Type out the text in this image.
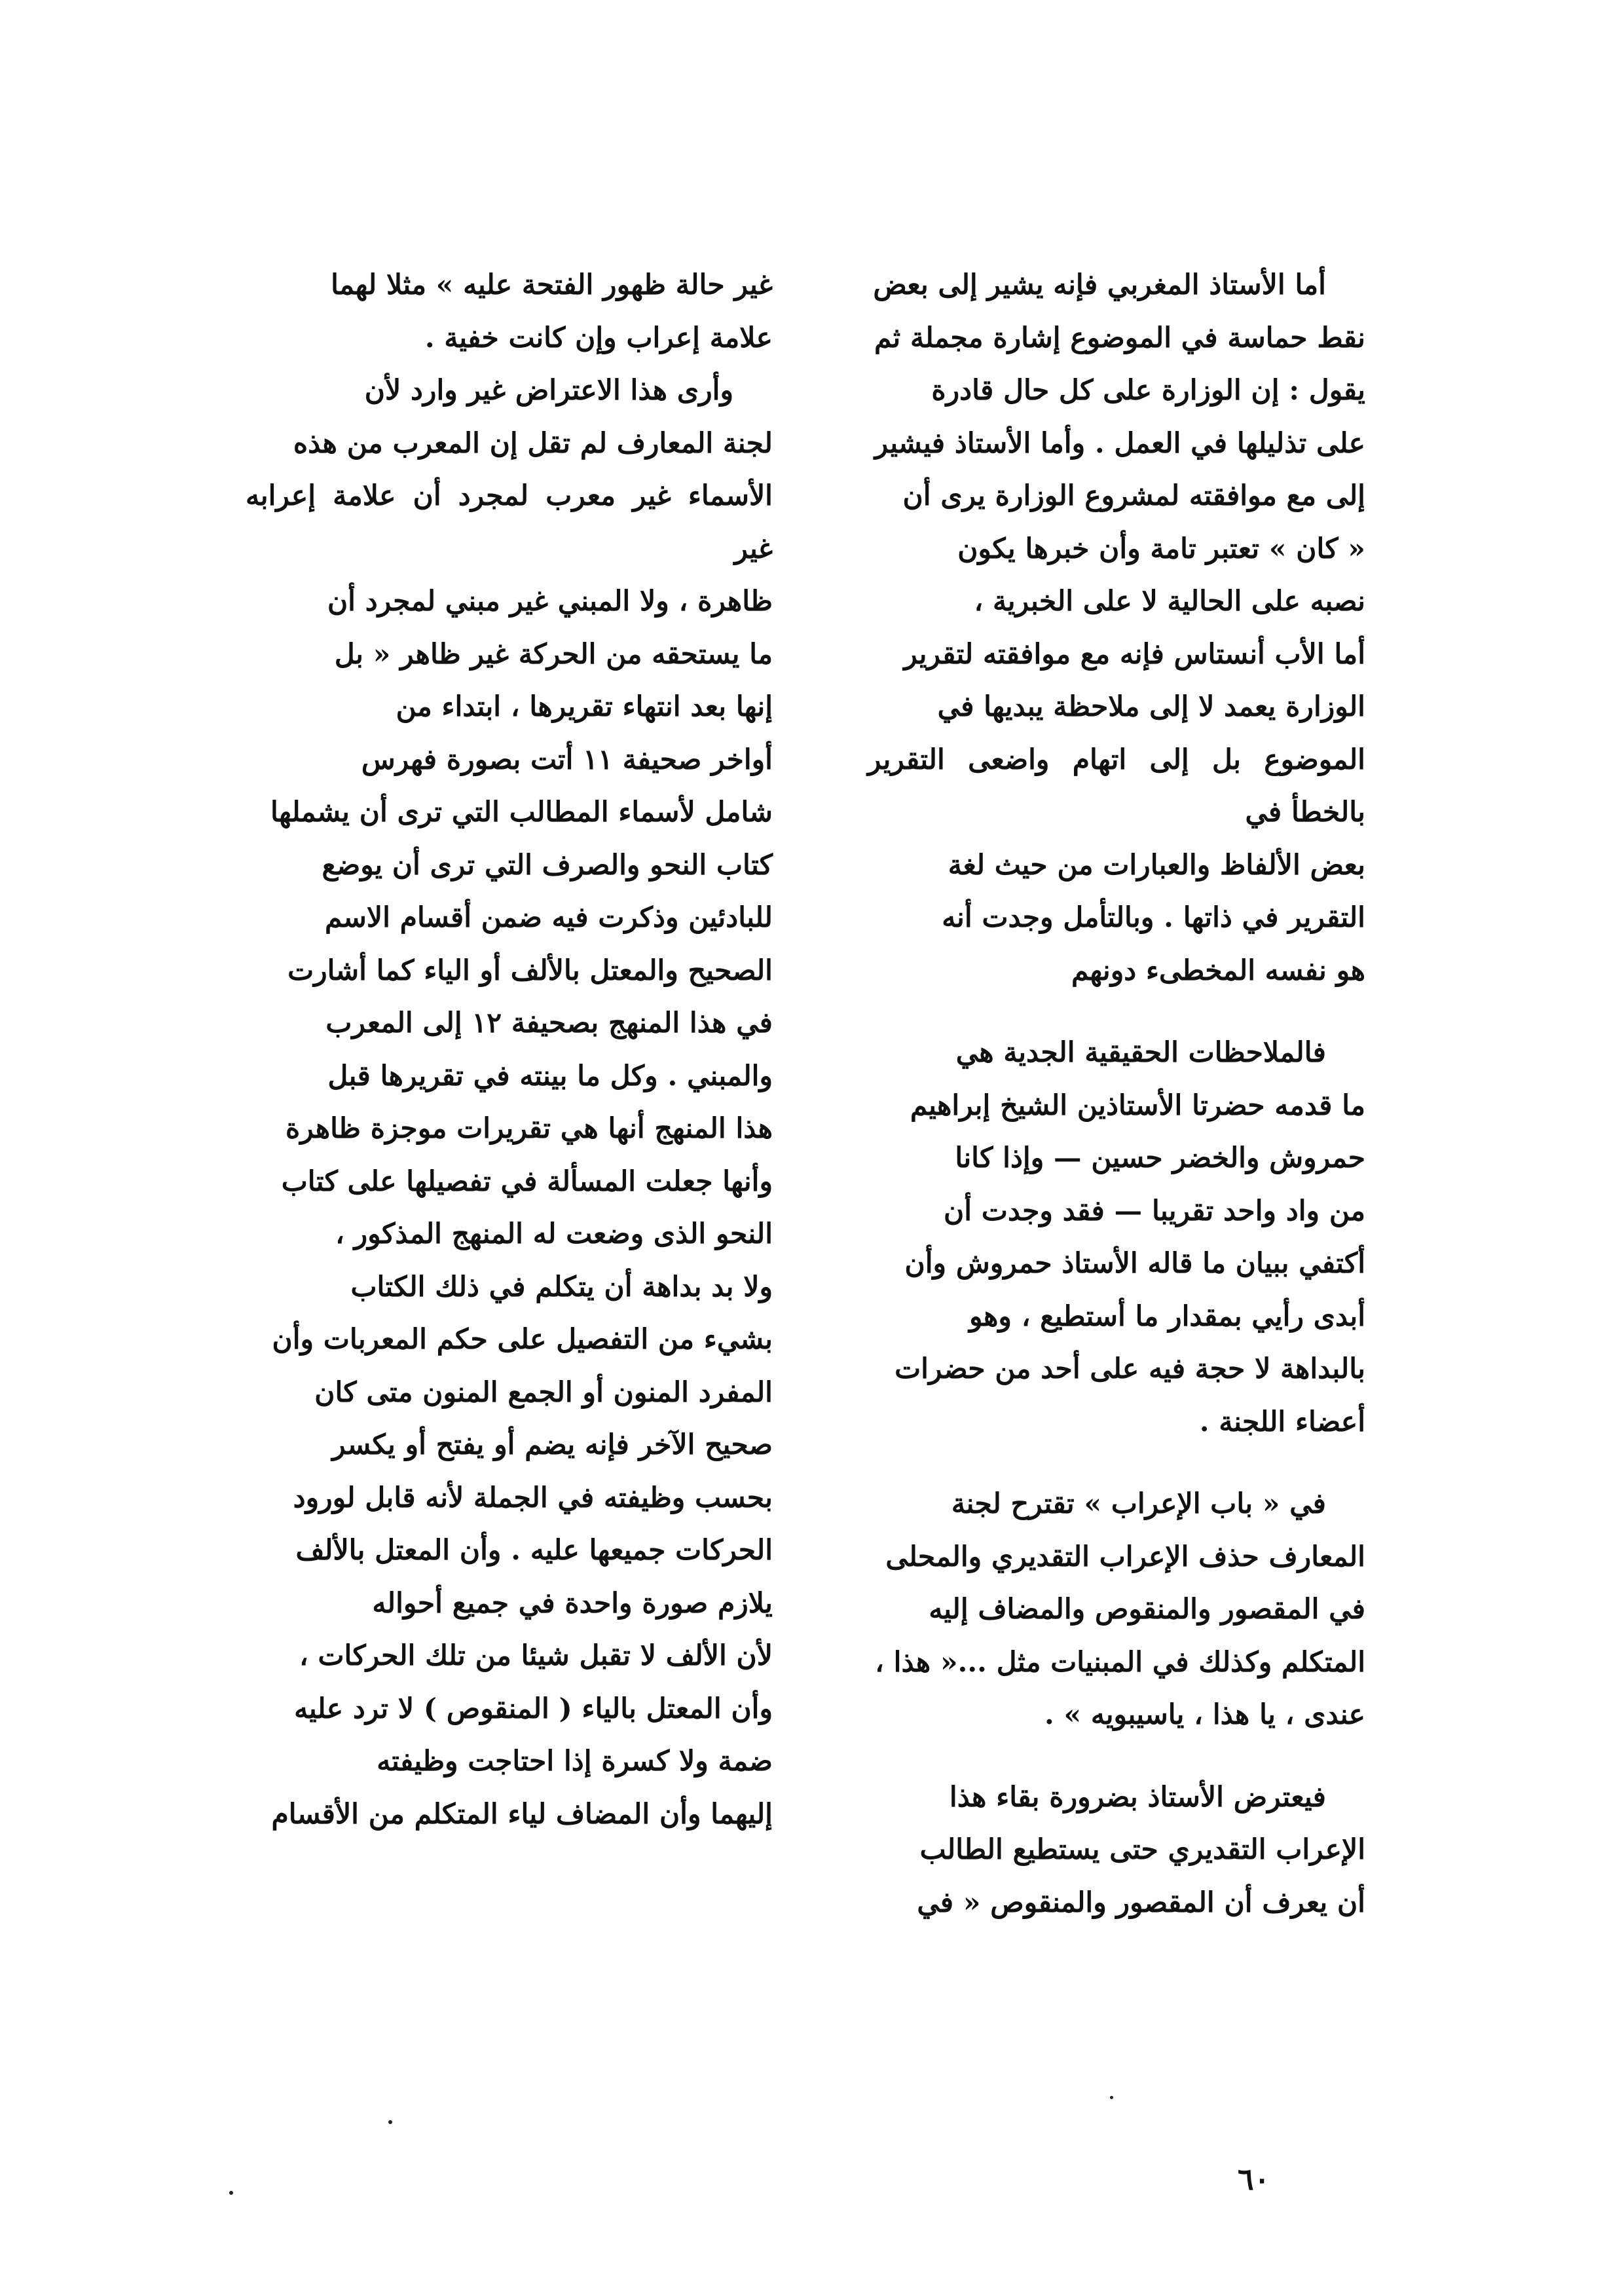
أما الأستاذ المغربي فإنه يشير إلى بعض
نقط حماسة في الموضوع إشارة مجملة ثم
يقول : إن الوزارة على كل حال قادرة
على تذليلها في العمل . وأما الأستاذ فيشير
إلى مع موافقته لمشروع الوزارة يرى أن
« كان » تعتبر تامة وأن خبرها يكون
نصبه على الحالية لا على الخبرية ،
أما الأب أنستاس فإنه مع موافقته لتقرير
الوزارة يعمد لا إلى ملاحظة يبديها في
الموضوع بل إلى اتهام واضعى التقرير بالخطأ في
بعض الألفاظ والعبارات من حيث لغة
التقرير في ذاتها . وبالتأمل وجدت أنه
هو نفسه المخطىء دونهم

فالملاحظات الحقيقية الجدية هي
ما قدمه حضرتا الأستاذين الشيخ إبراهيم
حمروش والخضر حسين — وإذا كانا
من واد واحد تقريبا — فقد وجدت أن
أكتفي ببيان ما قاله الأستاذ حمروش وأن
أبدى رأيي بمقدار ما أستطيع ، وهو
بالبداهة لا حجة فيه على أحد من حضرات
أعضاء اللجنة .

في « باب الإعراب » تقترح لجنة
المعارف حذف الإعراب التقديري والمحلى
في المقصور والمنقوص والمضاف إليه
المتكلم وكذلك في المبنيات مثل ...« هذا ،
عندى ، يا هذا ، ياسيبويه » .

فيعترض الأستاذ بضرورة بقاء هذا
الإعراب التقديري حتى يستطيع الطالب
أن يعرف أن المقصور والمنقوص « في

غير حالة ظهور الفتحة عليه » مثلا لهما
علامة إعراب وإن كانت خفية .

وأرى هذا الاعتراض غير وارد لأن
لجنة المعارف لم تقل إن المعرب من هذه
الأسماء غير معرب لمجرد أن علامة إعرابه غير
ظاهرة ، ولا المبني غير مبني لمجرد أن
ما يستحقه من الحركة غير ظاهر « بل
إنها بعد انتهاء تقريرها ، ابتداء من
أواخر صحيفة ١١ أتت بصورة فهرس
شامل لأسماء المطالب التي ترى أن يشملها
كتاب النحو والصرف التي ترى أن يوضع
للبادئين وذكرت فيه ضمن أقسام الاسم
الصحيح والمعتل بالألف أو الياء كما أشارت
في هذا المنهج بصحيفة ١٢ إلى المعرب
والمبني . وكل ما بينته في تقريرها قبل
هذا المنهج أنها هي تقريرات موجزة ظاهرة
وأنها جعلت المسألة في تفصيلها على كتاب
النحو الذى وضعت له المنهج المذكور ،
ولا بد بداهة أن يتكلم في ذلك الكتاب
بشيء من التفصيل على حكم المعربات وأن
المفرد المنون أو الجمع المنون متى كان
صحيح الآخر فإنه يضم أو يفتح أو يكسر
بحسب وظيفته في الجملة لأنه قابل لورود
الحركات جميعها عليه . وأن المعتل بالألف
يلازم صورة واحدة في جميع أحواله
لأن الألف لا تقبل شيئا من تلك الحركات ،
وأن المعتل بالياء ( المنقوص ) لا ترد عليه
ضمة ولا كسرة إذا احتاجت وظيفته
إليهما وأن المضاف لياء المتكلم من الأقسام

٦٠
